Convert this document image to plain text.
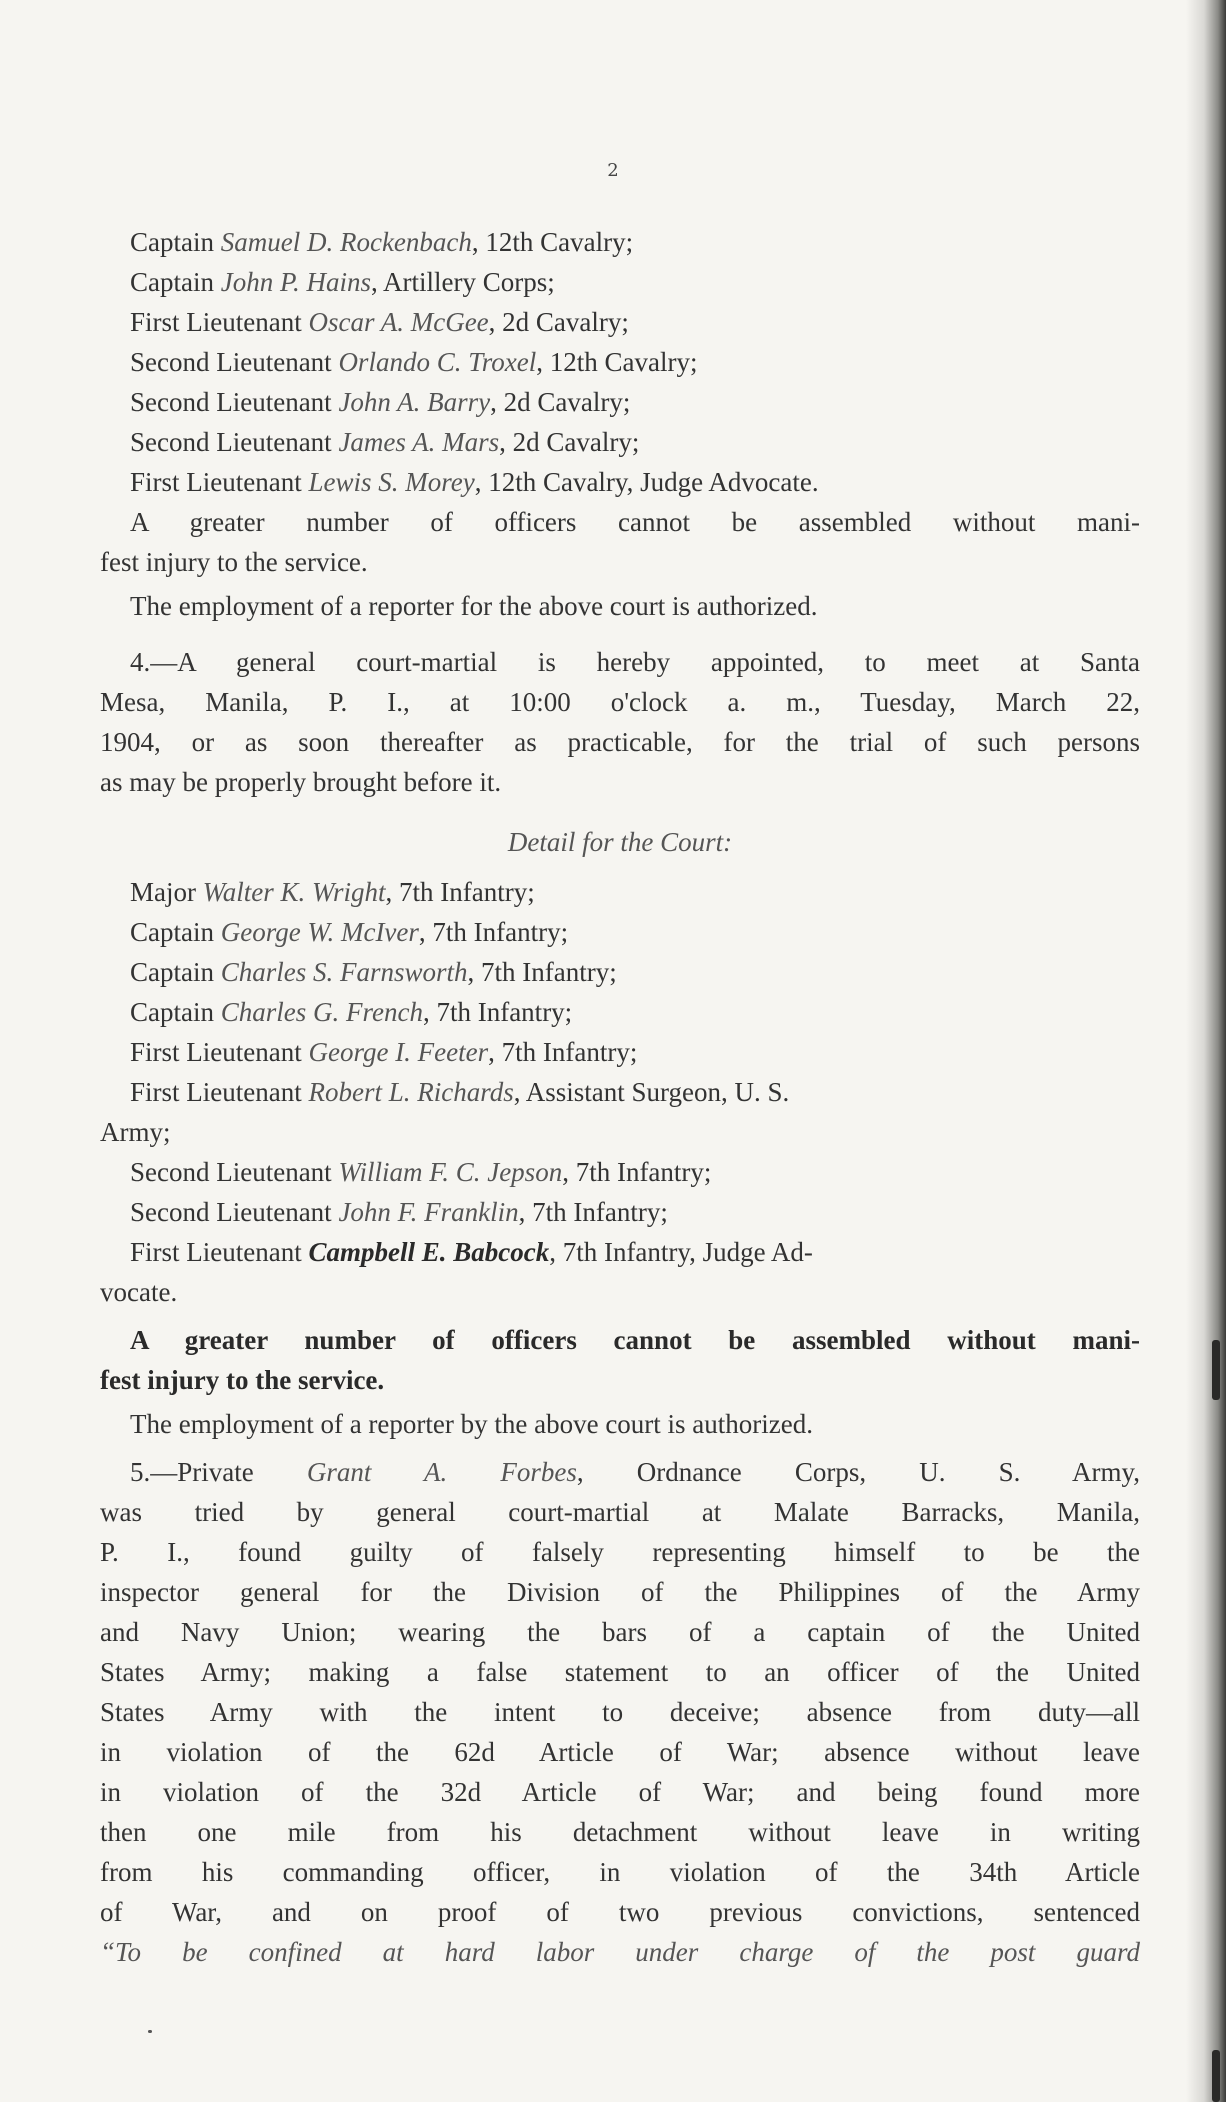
2
Captain Samuel D. Rockenbach, 12th Cavalry;
Captain John P. Hains, Artillery Corps;
First Lieutenant Oscar A. McGee, 2d Cavalry;
Second Lieutenant Orlando C. Troxel, 12th Cavalry;
Second Lieutenant John A. Barry, 2d Cavalry;
Second Lieutenant James A. Mars, 2d Cavalry;
First Lieutenant Lewis S. Morey, 12th Cavalry, Judge Advocate.
A greater number of officers cannot be assembled without mani-
fest injury to the service.
The employment of a reporter for the above court is authorized.
4.—A general court-martial is hereby appointed, to meet at Santa
Mesa, Manila, P. I., at 10:00 o'clock a. m., Tuesday, March 22,
1904, or as soon thereafter as practicable, for the trial of such persons
as may be properly brought before it.
Detail for the Court:
Major Walter K. Wright, 7th Infantry;
Captain George W. McIver, 7th Infantry;
Captain Charles S. Farnsworth, 7th Infantry;
Captain Charles G. French, 7th Infantry;
First Lieutenant George I. Feeter, 7th Infantry;
First Lieutenant Robert L. Richards, Assistant Surgeon, U. S.
Army;
Second Lieutenant William F. C. Jepson, 7th Infantry;
Second Lieutenant John F. Franklin, 7th Infantry;
First Lieutenant Campbell E. Babcock, 7th Infantry, Judge Ad-
vocate.
A greater number of officers cannot be assembled without mani-
fest injury to the service.
The employment of a reporter by the above court is authorized.
5.—Private Grant A. Forbes, Ordnance Corps, U. S. Army,
was tried by general court-martial at Malate Barracks, Manila,
P. I., found guilty of falsely representing himself to be the
inspector general for the Division of the Philippines of the Army
and Navy Union; wearing the bars of a captain of the United
States Army; making a false statement to an officer of the United
States Army with the intent to deceive; absence from duty—all
in violation of the 62d Article of War; absence without leave
in violation of the 32d Article of War; and being found more
then one mile from his detachment without leave in writing
from his commanding officer, in violation of the 34th Article
of War, and on proof of two previous convictions, sentenced
“To be confined at hard labor under charge of the post guard
